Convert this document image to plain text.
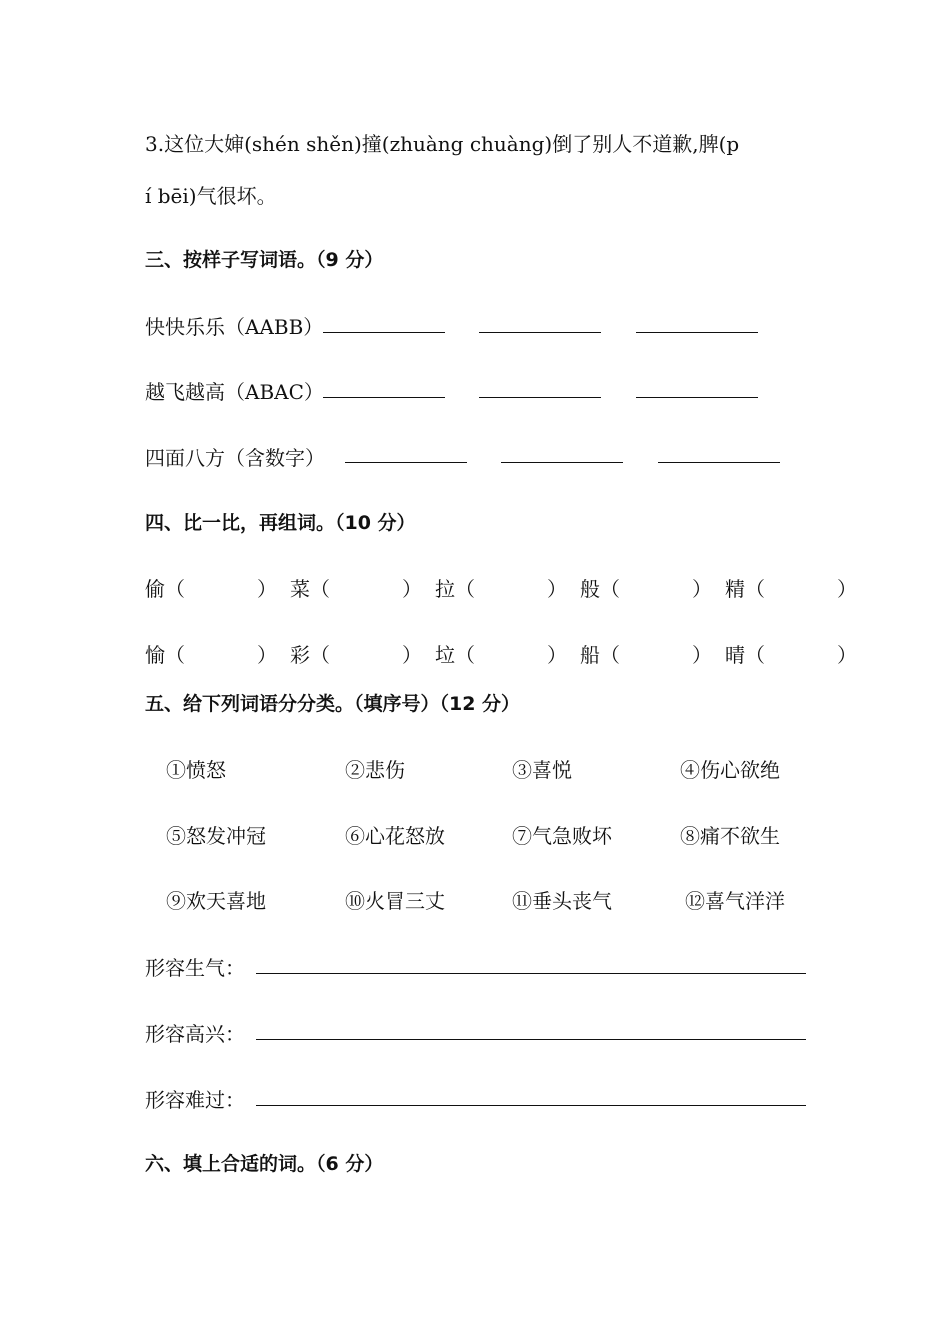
3.这位大婶(shén shěn)撞(zhuàng chuàng)倒了别人不道歉,脾(p
í bēi)气很坏。
三、按样子写词语。（9 分）
快快乐乐（AABB）
越飞越高（ABAC）
四面八方（含数字）
四、比一比，再组词。（10 分）
偷（	） 菜（	） 拉（	） 般（	） 精（	）
愉（	） 彩（	） 垃（	） 船（	） 晴（	）
五、给下列词语分分类。（填序号）（12 分）
①愤怒	②悲伤	③喜悦	④伤心欲绝
⑤怒发冲冠	⑥心花怒放	⑦气急败坏	⑧痛不欲生
⑨欢天喜地	⑩火冒三丈	⑪垂头丧气	⑫喜气洋洋
形容生气：
形容高兴：
形容难过：
六、填上合适的词。（6 分）
